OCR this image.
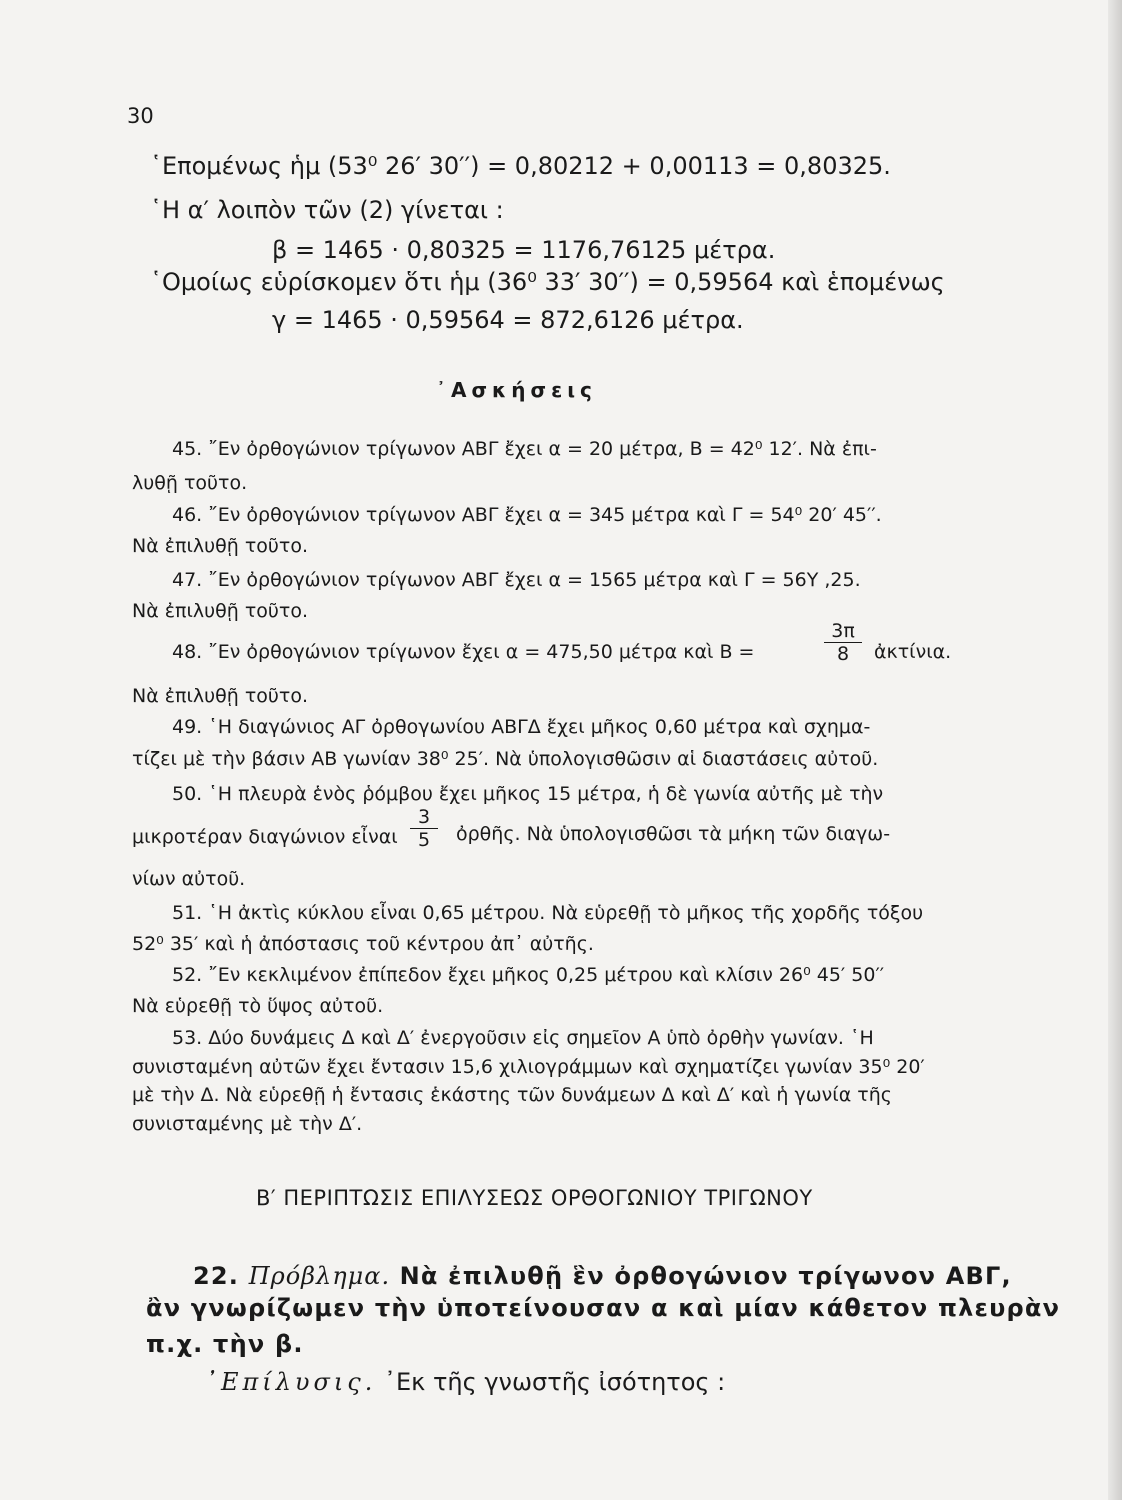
30
῾Επομένως ἡμ (53⁰ 26′ 30′′) = 0,80212 + 0,00113 = 0,80325.
῾Η α′ λοιπὸν τῶν (2) γίνεται :
β = 1465 · 0,80325 = 1176,76125 μέτρα.
῾Ομοίως εὑρίσκομεν ὅτι ἡμ (36⁰ 33′ 30′′) = 0,59564 καὶ ἑπομένως
γ = 1465 · 0,59564 = 872,6126 μέτρα.
᾿Ασκήσεις
45. ῎Εν ὀρθογώνιον τρίγωνον ΑΒΓ ἔχει α = 20 μέτρα, Β = 42⁰ 12′. Νὰ ἐπι-
λυθῇ τοῦτο.
46. ῎Εν ὀρθογώνιον τρίγωνον ΑΒΓ ἔχει α = 345 μέτρα καὶ Γ = 54⁰ 20′ 45′′.
Νὰ ἐπιλυθῇ τοῦτο.
47. ῎Εν ὀρθογώνιον τρίγωνον ΑΒΓ ἔχει α = 1565 μέτρα καὶ Γ = 56Υ ,25.
Νὰ ἐπιλυθῇ τοῦτο.
48. ῎Εν ὀρθογώνιον τρίγωνον ἔχει α = 475,50 μέτρα καὶ Β =
3π
8	ἀκτίνια.
Νὰ ἐπιλυθῇ τοῦτο.
49. ῾Η διαγώνιος ΑΓ ὀρθογωνίου ΑΒΓΔ ἔχει μῆκος 0,60 μέτρα καὶ σχημα-
τίζει μὲ τὴν βάσιν ΑΒ γωνίαν 38⁰ 25′. Νὰ ὑπολογισθῶσιν αἱ διαστάσεις αὐτοῦ.
50. ῾Η πλευρὰ ἑνὸς ῥόμβου ἔχει μῆκος 15 μέτρα, ἡ δὲ γωνία αὐτῆς μὲ τὴν
μικροτέραν διαγώνιον εἶναι
3
5	ὀρθῆς. Νὰ ὑπολογισθῶσι τὰ μήκη τῶν διαγω-
νίων αὐτοῦ.
51. ῾Η ἀκτὶς κύκλου εἶναι 0,65 μέτρου. Νὰ εὑρεθῇ τὸ μῆκος τῆς χορδῆς τόξου
52⁰ 35′ καὶ ἡ ἀπόστασις τοῦ κέντρου ἀπ᾿ αὐτῆς.
52. ῎Εν κεκλιμένον ἐπίπεδον ἔχει μῆκος 0,25 μέτρου καὶ κλίσιν 26⁰ 45′ 50′′
Νὰ εὑρεθῇ τὸ ὕψος αὐτοῦ.
53. Δύο δυνάμεις Δ καὶ Δ′ ἐνεργοῦσιν εἰς σημεῖον Α ὑπὸ ὀρθὴν γωνίαν. ῾Η
συνισταμένη αὐτῶν ἔχει ἔντασιν 15,6 χιλιογράμμων καὶ σχηματίζει γωνίαν 35⁰ 20′
μὲ τὴν Δ. Νὰ εὑρεθῇ ἡ ἔντασις ἑκάστης τῶν δυνάμεων Δ καὶ Δ′ καὶ ἡ γωνία τῆς
συνισταμένης μὲ τὴν Δ′.
Β′ ΠΕΡΙΠΤΩΣΙΣ ΕΠΙΛΥΣΕΩΣ ΟΡΘΟΓΩΝΙΟΥ ΤΡΙΓΩΝΟΥ
22. Πρόβλημα. Νὰ ἐπιλυθῇ ἓν ὀρθογώνιον τρίγωνον ΑΒΓ,
ἂν γνωρίζωμεν τὴν ὑποτείνουσαν α καὶ μίαν κάθετον πλευρὰν
π.χ. τὴν β.
᾿Επίλυσις. ᾿Εκ τῆς γνωστῆς ἰσότητος :
